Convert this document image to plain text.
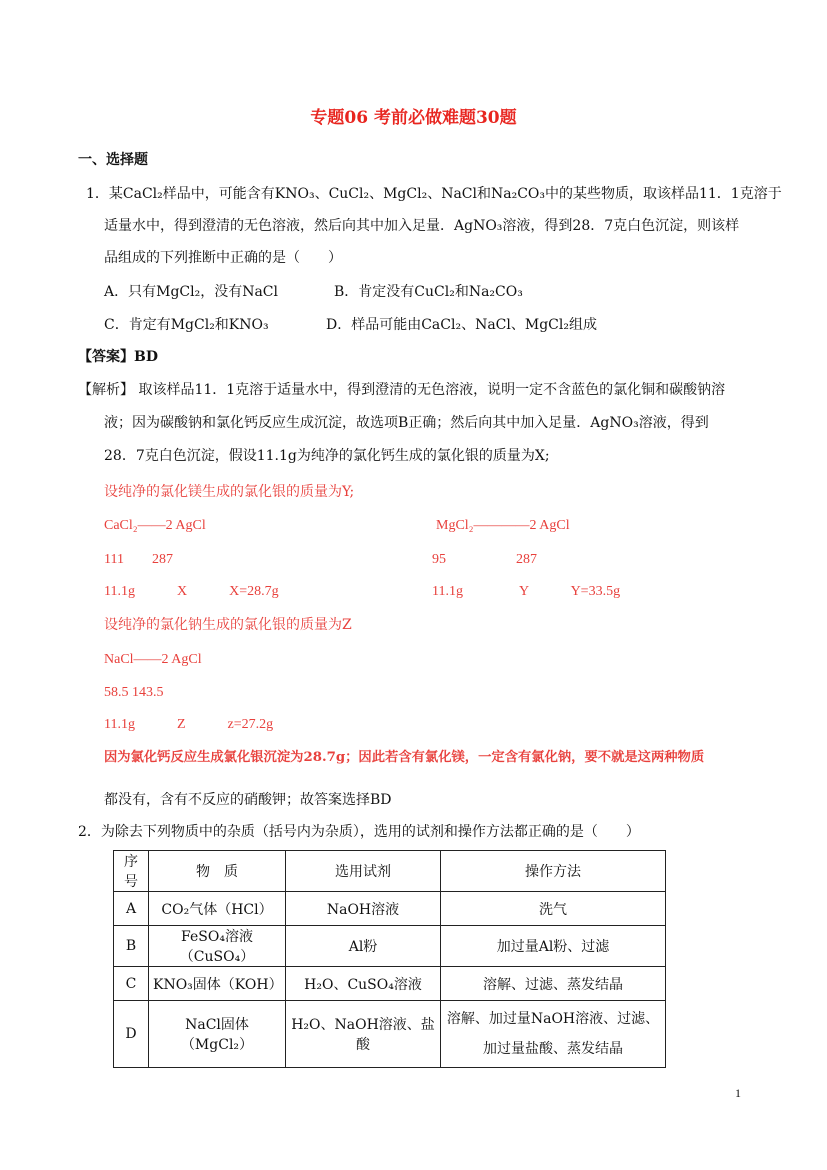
专题06 考前必做难题30题
一、选择题
1．某CaCl₂样品中，可能含有KNO₃、CuCl₂、MgCl₂、NaCl和Na₂CO₃中的某些物质，取该样品11．1克溶于
适量水中，得到澄清的无色溶液，然后向其中加入足量．AgNO₃溶液，得到28．7克白色沉淀，则该样
品组成的下列推断中正确的是（　　）
A．只有MgCl₂，没有NaCl	B．肯定没有CuCl₂和Na₂CO₃
C．肯定有MgCl₂和KNO₃	D．样品可能由CaCl₂、NaCl、MgCl₂组成
【答案】BD
【解析】 取该样品11．1克溶于适量水中，得到澄清的无色溶液，说明一定不含蓝色的氯化铜和碳酸钠溶
液；因为碳酸钠和氯化钙反应生成沉淀，故选项B正确；然后向其中加入足量．AgNO₃溶液，得到
28．7克白色沉淀，假设11.1g为纯净的氯化钙生成的氯化银的质量为X;
设纯净的氯化镁生成的氯化银的质量为Y;
CaCl₂——2 AgCl	MgCl₂————2 AgCl
111　　287	95　　　　　287
11.1g　　　X　　　X=28.7g	11.1g　　　　Y　　　Y=33.5g
设纯净的氯化钠生成的氯化银的质量为Z
NaCl——2 AgCl
58.5 143.5
11.1g　　　Z　　　z=27.2g
因为氯化钙反应生成氯化银沉淀为28.7g；因此若含有氯化镁，一定含有氯化钠，要不就是这两种物质
都没有，含有不反应的硝酸钾；故答案选择BD
2．为除去下列物质中的杂质（括号内为杂质），选用的试剂和操作方法都正确的是（　　）
序号	物　质	选用试剂	操作方法
A	CO₂气体（HCl）	NaOH溶液	洗气
B	FeSO₄溶液（CuSO₄）	Al粉	加过量Al粉、过滤
C	KNO₃固体（KOH）	H₂O、CuSO₄溶液	溶解、过滤、蒸发结晶
D	NaCl固体（MgCl₂）	H₂O、NaOH溶液、盐酸	溶解、加过量NaOH溶液、过滤、加过量盐酸、蒸发结晶
1
